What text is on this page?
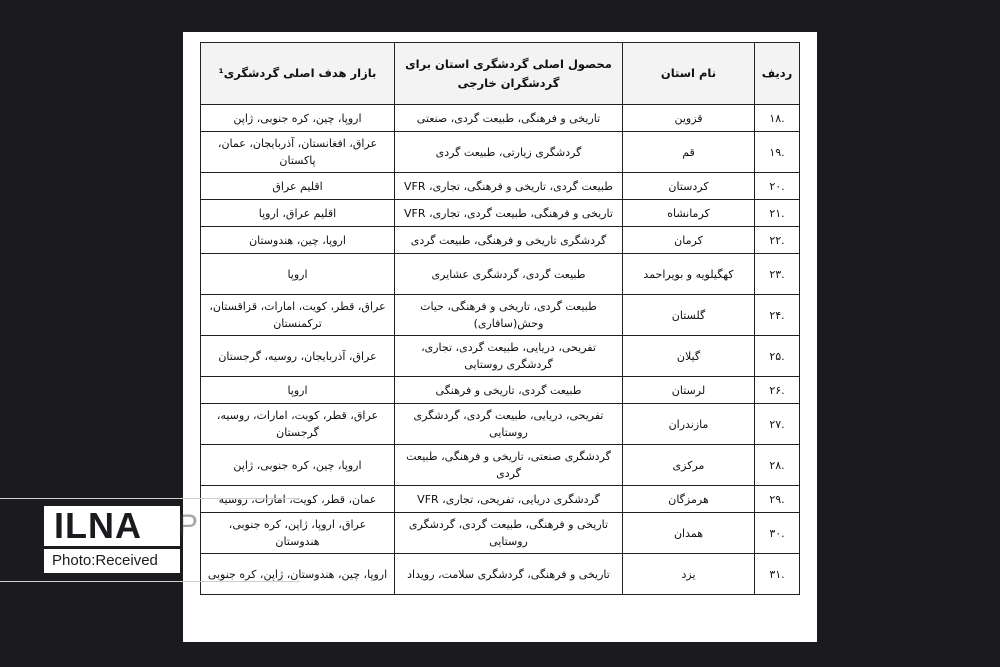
ردیف	نام استان	محصول اصلی گردشگری استان برای گردشگران خارجی	بازار هدف اصلی گردشگری¹
.۱۸	قزوین	تاریخی و فرهنگی، طبیعت گردی، صنعتی	اروپا، چین، کره جنوبی، ژاپن
.۱۹	قم	گردشگری زیارتی، طبیعت گردی	عراق، افغانستان، آذربایجان، عمان، پاکستان
.۲۰	کردستان	طبیعت گردی، تاریخی و فرهنگی، تجاری، VFR	اقلیم عراق
.۲۱	کرمانشاه	تاریخی و فرهنگی، طبیعت گردی، تجاری، VFR	اقلیم عراق، اروپا
.۲۲	کرمان	گردشگری تاریخی و فرهنگی، طبیعت گردی	اروپا، چین، هندوستان
.۲۳	کهگیلویه و بویراحمد	طبیعت گردی، گردشگری عشایری	اروپا
.۲۴	گلستان	طبیعت گردی، تاریخی و فرهنگی، حیات وحش(سافاری)	عراق، قطر، کویت، امارات، قزاقستان، ترکمنستان
.۲۵	گیلان	تفریحی، دریایی، طبیعت گردی، تجاری، گردشگری روستایی	عراق، آذربایجان، روسیه، گرجستان
.۲۶	لرستان	طبیعت گردی، تاریخی و فرهنگی	اروپا
.۲۷	مازندران	تفریحی، دریایی، طبیعت گردی، گردشگری روستایی	عراق، قطر، کویت، امارات، روسیه، گرجستان
.۲۸	مرکزی	گردشگری صنعتی، تاریخی و فرهنگی، طبیعت گردی	اروپا، چین، کره جنوبی، ژاپن
.۲۹	هرمزگان	گردشگری دریایی، تفریحی، تجاری، VFR	عمان، قطر، کویت، امارات، روسیه
.۳۰	همدان	تاریخی و فرهنگی، طبیعت گردی، گردشگری روستایی	عراق، اروپا، ژاپن، کره جنوبی، هندوستان
.۳۱	یزد	تاریخی و فرهنگی، گردشگری سلامت، رویداد	اروپا، چین، هندوستان، ژاپن، کره جنوبی
ILNA	P
Photo:Received
